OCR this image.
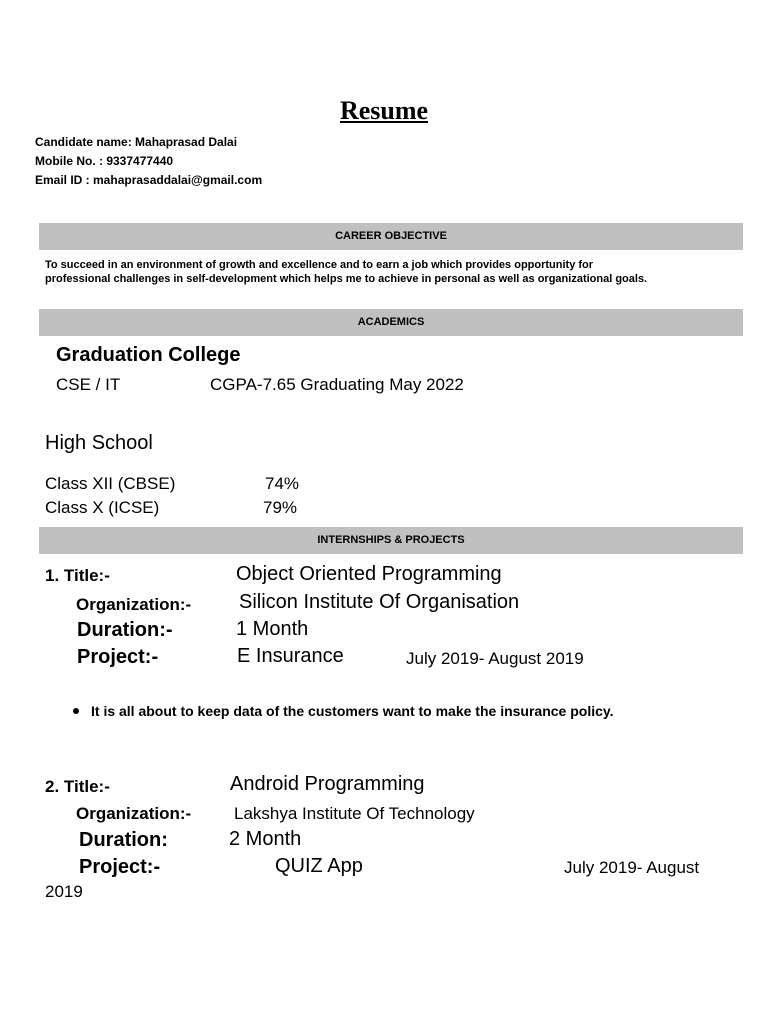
Resume
Candidate name: Mahaprasad Dalai
Mobile No. : 9337477440
Email ID : mahaprasaddalai@gmail.com
CAREER OBJECTIVE
To succeed in an environment of growth and excellence and to earn a job which provides opportunity for
professional challenges in self-development which helps me to achieve in personal as well as organizational goals.
ACADEMICS
Graduation College
CSE / IT	CGPA-7.65 Graduating May 2022
High School
Class XII (CBSE)	74%
Class X (ICSE)	79%
INTERNSHIPS & PROJECTS
1. Title:-	Object Oriented Programming
Organization:- Silicon Institute Of Organisation
Duration:-	1 Month
Project:-	E Insurance	July 2019- August 2019
It is all about to keep data of the customers want to make the insurance policy.
2. Title:-	Android Programming
Organization:-	Lakshya Institute Of Technology
Duration:	2 Month
Project:-	QUIZ App	July 2019- August
2019
